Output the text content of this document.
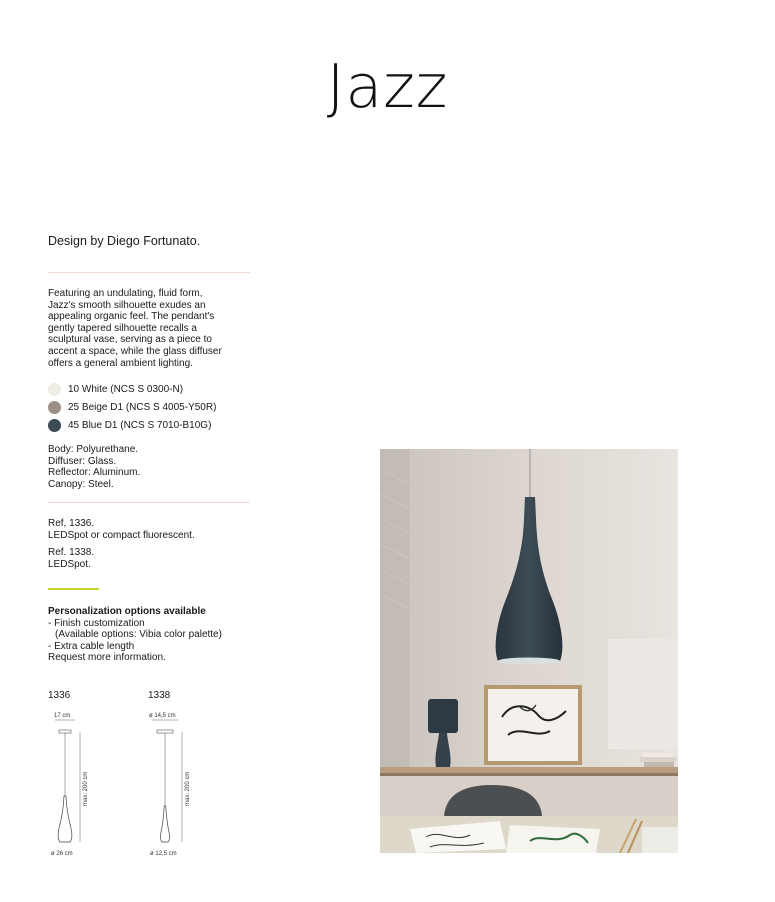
Jazz
Design by Diego Fortunato.
Featuring an undulating, fluid form,
Jazz's smooth silhouette exudes an
appealing organic feel. The pendant's
gently tapered silhouette recalls a
sculptural vase, serving as a piece to
accent a space, while the glass diffuser
offers a general ambient lighting.
10 White (NCS S 0300-N)
25 Beige D1 (NCS S 4005-Y50R)
45 Blue D1 (NCS S 7010-B10G)
Body: Polyurethane.
Diffuser: Glass.
Reflector: Aluminum.
Canopy: Steel.
Ref, 1336.
LEDSpot or compact fluorescent.
Ref. 1338.
LEDSpot.
Personalization options available
- Finish customization
(Available options: Vibia color palette)
- Extra cable length
Request more information.
1336	1338
17 cm
max. 200 cm
ø 26 cm
ø 14,5 cm
max. 200 cm
ø 12,5 cm
